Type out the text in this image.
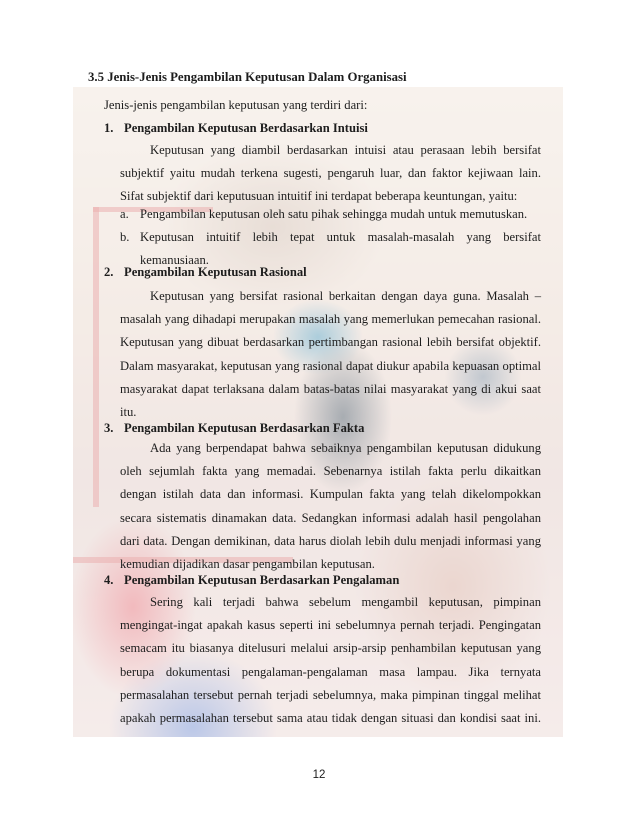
3.5 Jenis-Jenis Pengambilan Keputusan Dalam Organisasi
Jenis-jenis pengambilan keputusan yang terdiri dari:
1. Pengambilan Keputusan Berdasarkan Intuisi
Keputusan yang diambil berdasarkan intuisi atau perasaan lebih bersifat subjektif yaitu mudah terkena sugesti, pengaruh luar, dan faktor kejiwaan lain. Sifat subjektif dari keputusuan intuitif ini terdapat beberapa keuntungan, yaitu:
a. Pengambilan keputusan oleh satu pihak sehingga mudah untuk memutuskan.
b. Keputusan intuitif lebih tepat untuk masalah-masalah yang bersifat kemanusiaan.
2. Pengambilan Keputusan Rasional
Keputusan yang bersifat rasional berkaitan dengan daya guna. Masalah – masalah yang dihadapi merupakan masalah yang memerlukan pemecahan rasional. Keputusan yang dibuat berdasarkan pertimbangan rasional lebih bersifat objektif. Dalam masyarakat, keputusan yang rasional dapat diukur apabila kepuasan optimal masyarakat dapat terlaksana dalam batas-batas nilai masyarakat yang di akui saat itu.
3. Pengambilan Keputusan Berdasarkan Fakta
Ada yang berpendapat bahwa sebaiknya pengambilan keputusan didukung oleh sejumlah fakta yang memadai. Sebenarnya istilah fakta perlu dikaitkan dengan istilah data dan informasi. Kumpulan fakta yang telah dikelompokkan secara sistematis dinamakan data. Sedangkan informasi adalah hasil pengolahan dari data. Dengan demikinan, data harus diolah lebih dulu menjadi informasi yang kemudian dijadikan dasar pengambilan keputusan.
4. Pengambilan Keputusan Berdasarkan Pengalaman
Sering kali terjadi bahwa sebelum mengambil keputusan, pimpinan mengingat-ingat apakah kasus seperti ini sebelumnya pernah terjadi. Pengingatan semacam itu biasanya ditelusuri melalui arsip-arsip penhambilan keputusan yang berupa dokumentasi pengalaman-pengalaman masa lampau. Jika ternyata permasalahan tersebut pernah terjadi sebelumnya, maka pimpinan tinggal melihat apakah permasalahan tersebut sama atau tidak dengan situasi dan kondisi saat ini.
12
